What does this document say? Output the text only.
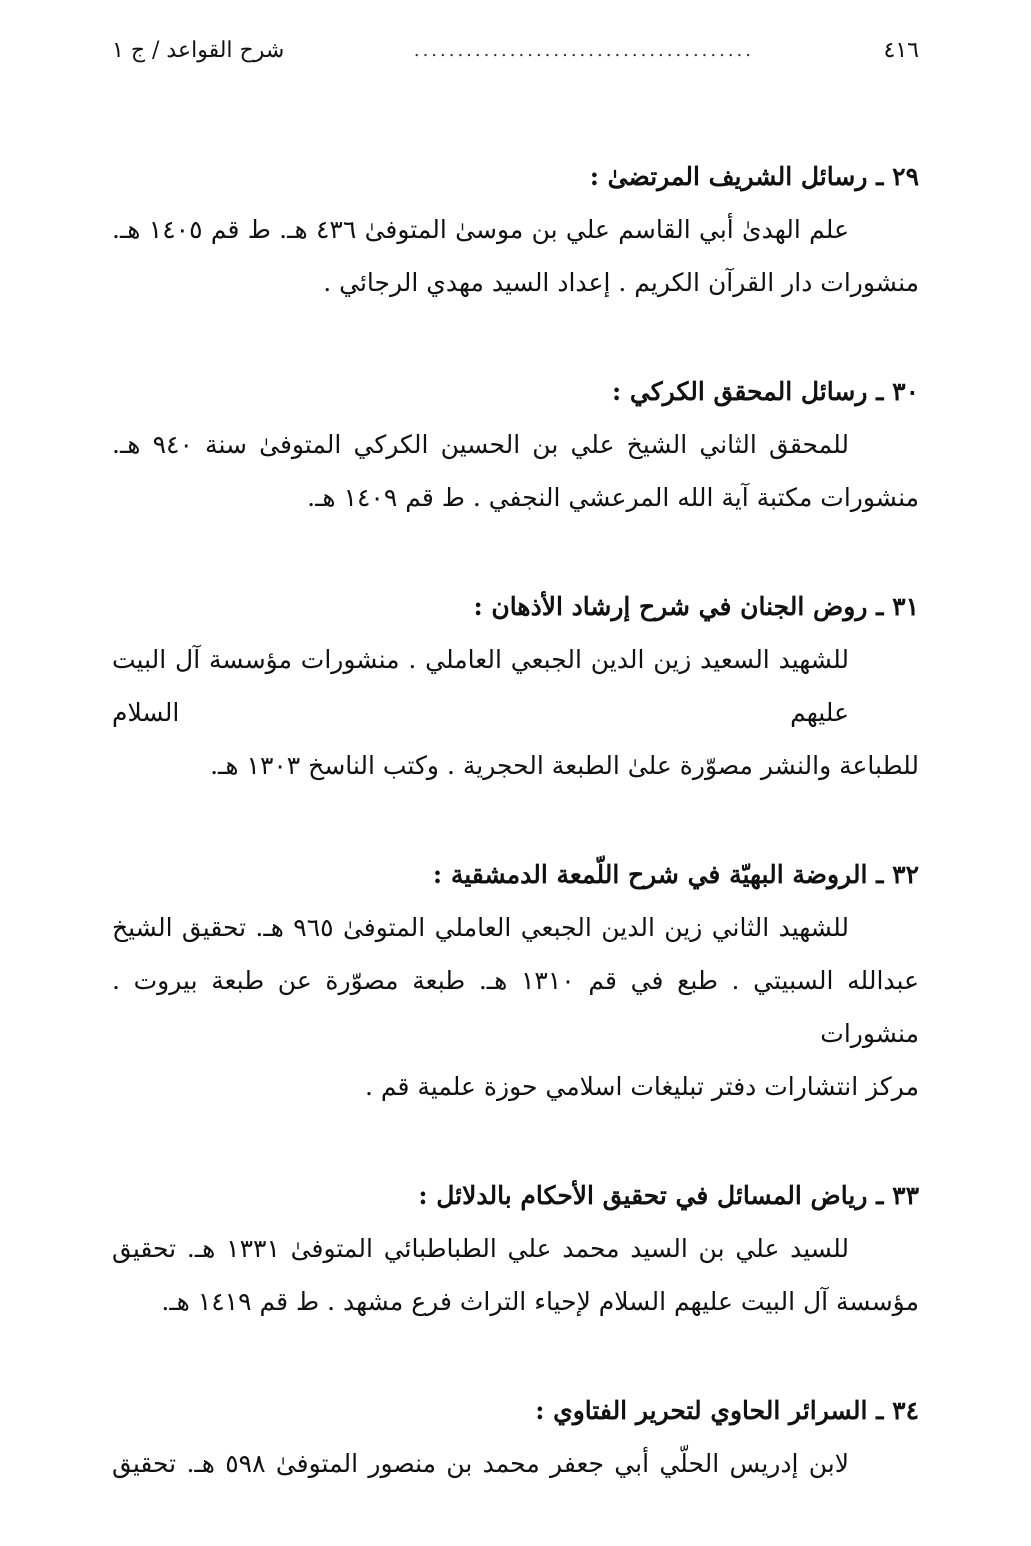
٤١٦
.......................................
شرح القواعد / ج ١
٢٩ ـ رسائل الشريف المرتضىٰ :
علم الهدىٰ أبي القاسم علي بن موسىٰ المتوفىٰ ٤٣٦ هـ. ط قم ١٤٠٥ هـ.
منشورات دار القرآن الكريم . إعداد السيد مهدي الرجائي .
٣٠ ـ رسائل المحقق الكركي :
للمحقق الثاني الشيخ علي بن الحسين الكركي المتوفىٰ سنة ٩٤٠ هـ.
منشورات مكتبة آية الله المرعشي النجفي . ط قم ١٤٠٩ هـ.
٣١ ـ روض الجنان في شرح إرشاد الأذهان :
للشهيد السعيد زين الدين الجبعي العاملي . منشورات مؤسسة آل البيت عليهم السلام
للطباعة والنشر مصوّرة علىٰ الطبعة الحجرية . وكتب الناسخ ١٣٠٣ هـ.
٣٢ ـ الروضة البهيّة في شرح اللّمعة الدمشقية :
للشهيد الثاني زين الدين الجبعي العاملي المتوفىٰ ٩٦٥ هـ. تحقيق الشيخ
عبدالله السبيتي . طبع في قم ١٣١٠ هـ. طبعة مصوّرة عن طبعة بيروت . منشورات
مركز انتشارات دفتر تبليغات اسلامي حوزة علمية قم .
٣٣ ـ رياض المسائل في تحقيق الأحكام بالدلائل :
للسيد علي بن السيد محمد علي الطباطبائي المتوفىٰ ١٣٣١ هـ. تحقيق
مؤسسة آل البيت عليهم السلام لإحياء التراث فرع مشهد . ط قم ١٤١٩ هـ.
٣٤ ـ السرائر الحاوي لتحرير الفتاوي :
لابن إدريس الحلّي أبي جعفر محمد بن منصور المتوفىٰ ٥٩٨ هـ. تحقيق
